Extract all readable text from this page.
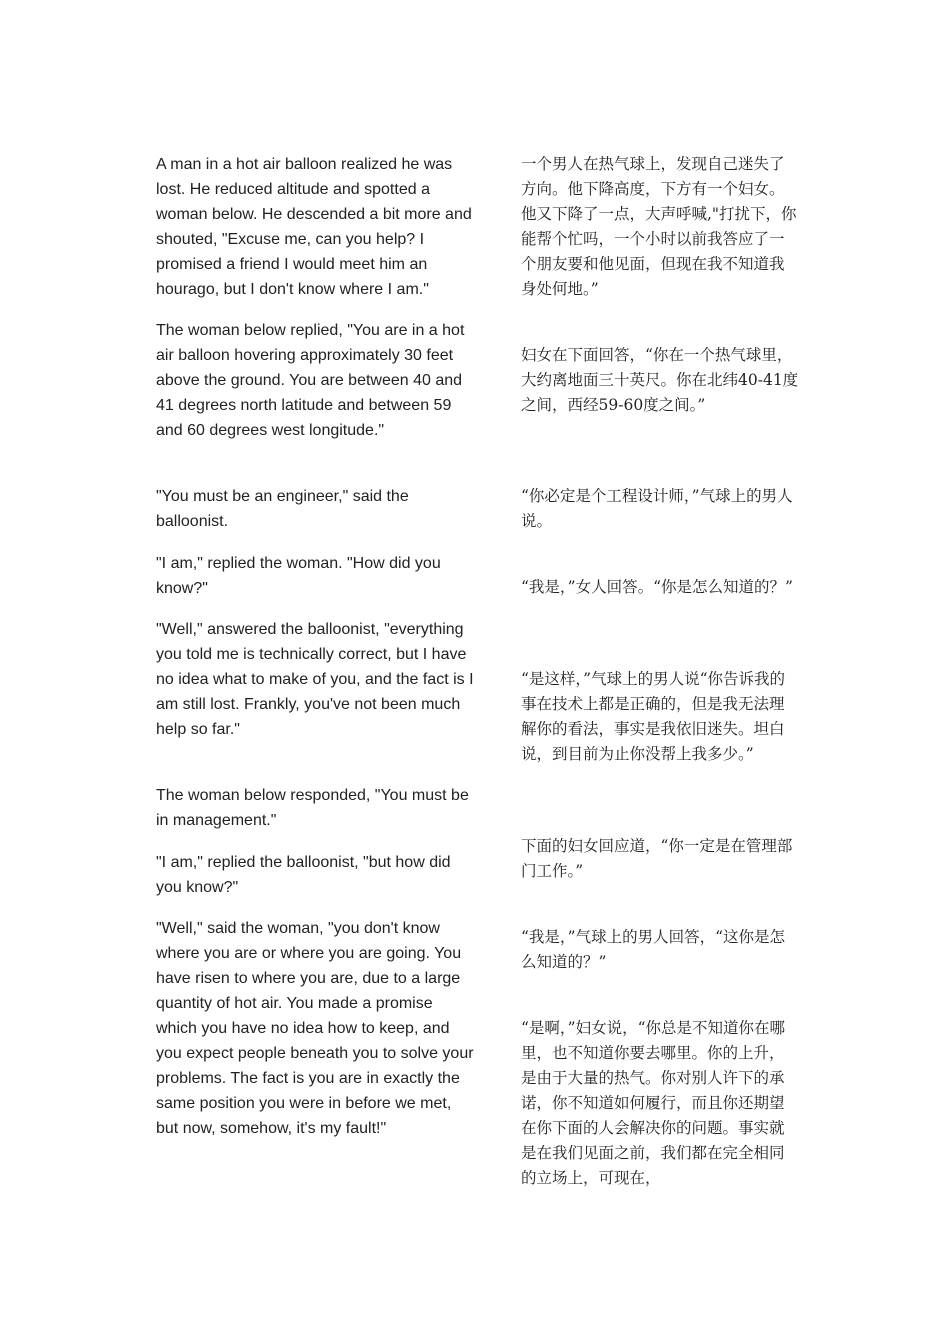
A man in a hot air balloon realized he was lost. He reduced altitude and spotted a woman below. He descended a bit more and shouted, "Excuse me, can you help? I promised a friend I would meet him an hourago, but I don't know where I am."

The woman below replied, "You are in a hot air balloon hovering approximately 30 feet above the ground. You are between 40 and 41 degrees north latitude and between 59 and 60 degrees west longitude."

"You must be an engineer," said the balloonist.

"I am," replied the woman. "How did you know?"

"Well," answered the balloonist, "everything you told me is technically correct, but I have no idea what to make of you, and the fact is I am still lost. Frankly, you've not been much help so far."

The woman below responded, "You must be in management."

"I am," replied the balloonist, "but how did you know?"

"Well," said the woman, "you don't know where you are or where you are going. You have risen to where you are, due to a large quantity of hot air. You made a promise which you have no idea how to keep, and you expect people beneath you to solve your problems. The fact is you are in exactly the same position you were in before we met, but now, somehow, it's my fault!"

一个男人在热气球上，发现自己迷失了方向。他下降高度，下方有一个妇女。他又下降了一点，大声呼喊,"打扰下，你能帮个忙吗，一个小时以前我答应了一个朋友要和他见面，但现在我不知道我身处何地。”

妇女在下面回答，“你在一个热气球里，大约离地面三十英尺。你在北纬40-41度之间，西经59-60度之间。”

“你必定是个工程设计师，”气球上的男人说。

“我是，”女人回答。“你是怎么知道的？”

“是这样，”气球上的男人说“你告诉我的事在技术上都是正确的，但是我无法理解你的看法，事实是我依旧迷失。坦白说，到目前为止你没帮上我多少。”

下面的妇女回应道，“你一定是在管理部门工作。”

“我是，”气球上的男人回答，“这你是怎么知道的？”

“是啊，”妇女说，“你总是不知道你在哪里，也不知道你要去哪里。你的上升，是由于大量的热气。你对别人许下的承诺，你不知道如何履行，而且你还期望在你下面的人会解决你的问题。事实就是在我们见面之前，我们都在完全相同的立场上，可现在，
